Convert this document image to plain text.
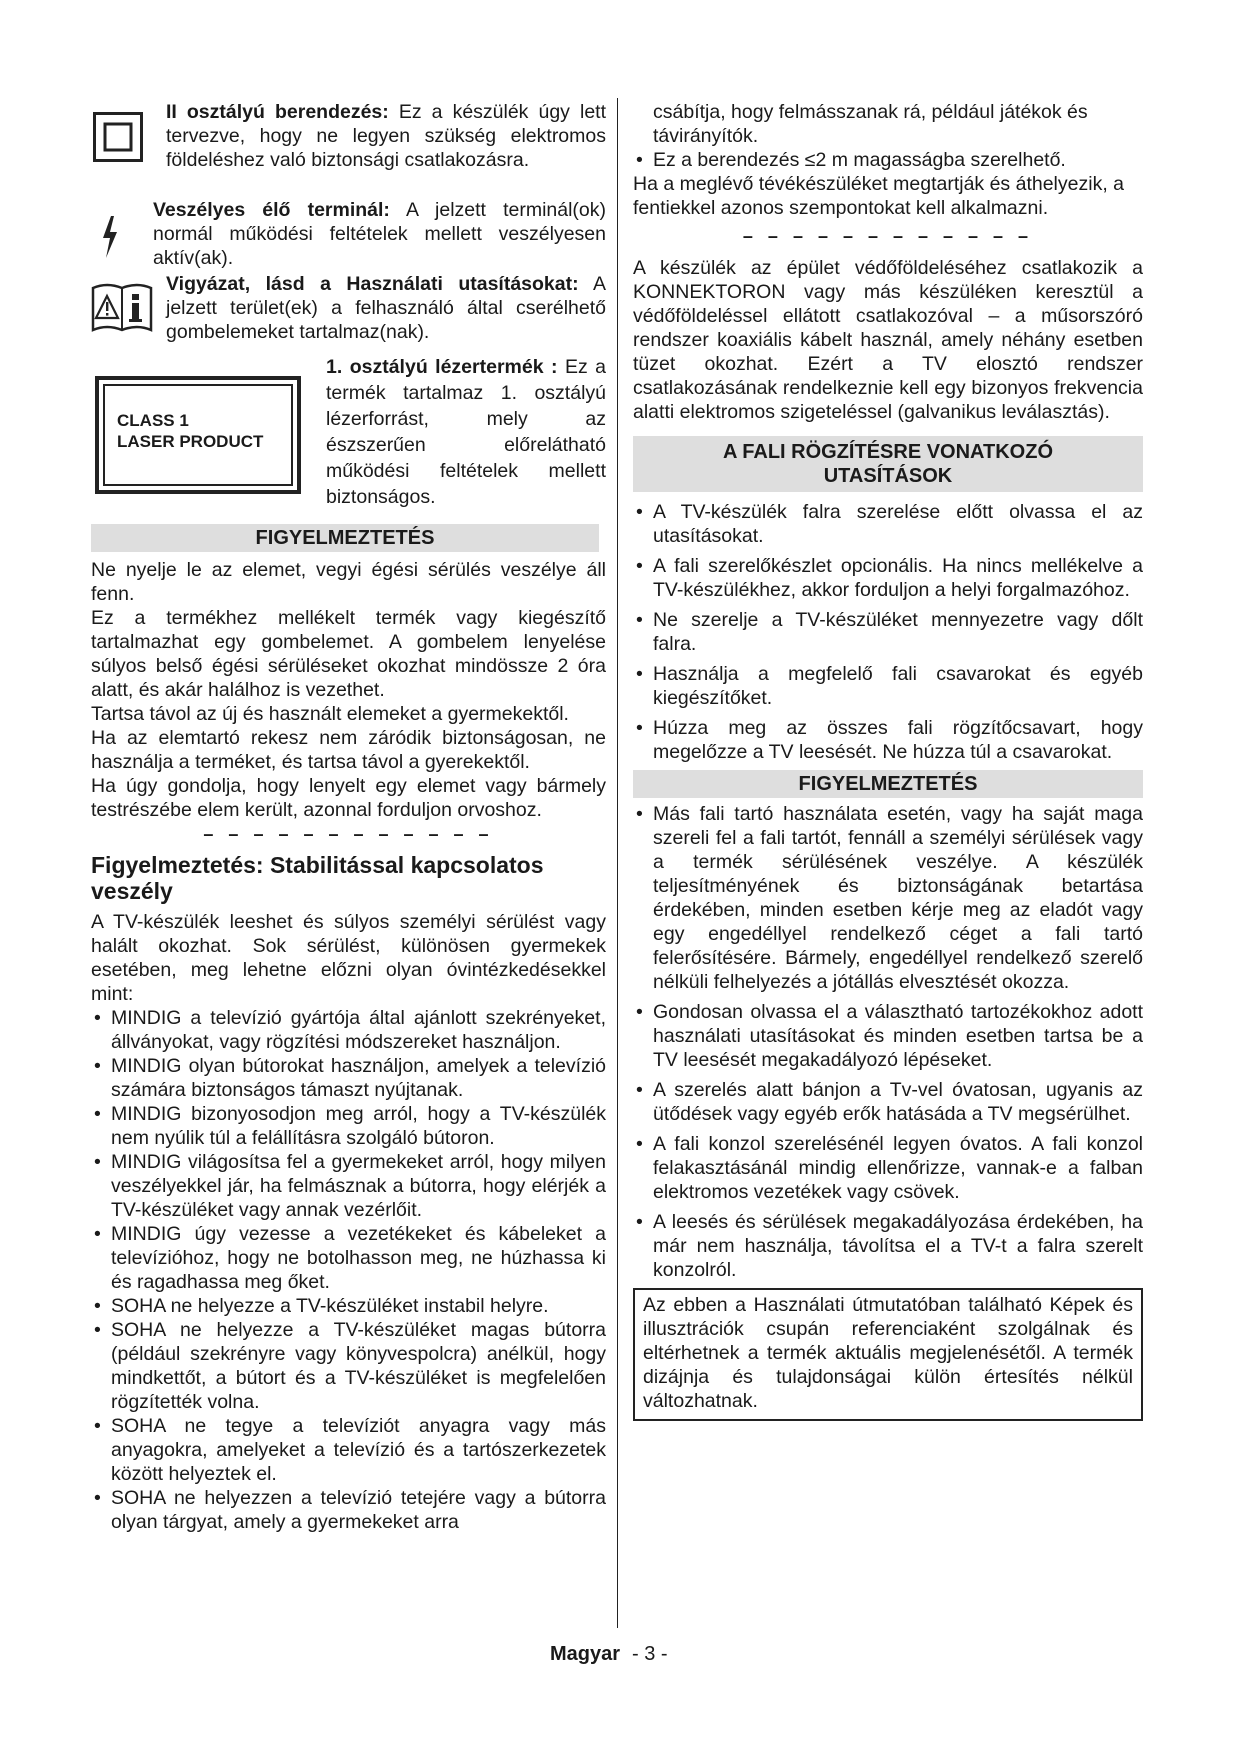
II osztályú berendezés: Ez a készülék úgy lett tervezve, hogy ne legyen szükség elektromos földeléshez való biztonsági csatlakozásra.

Veszélyes élő terminál: A jelzett terminál(ok) normál működési feltételek mellett veszélyesen aktív(ak).

Vigyázat, lásd a Használati utasításokat: A jelzett terület(ek) a felhasználó által cserélhető gombelemeket tartalmaz(nak).

CLASS 1
LASER PRODUCT

1. osztályú lézertermék : Ez a termék tartalmaz 1. osztályú lézerforrást, mely az észszerűen előrelátható működési feltételek mellett biztonságos.

FIGYELMEZTETÉS

Ne nyelje le az elemet, vegyi égési sérülés veszélye áll fenn.

Ez a termékhez mellékelt termék vagy kiegészítő tartalmazhat egy gombelemet. A gombelem lenyelése súlyos belső égési sérüléseket okozhat mindössze 2 óra alatt, és akár halálhoz is vezethet.

Tartsa távol az új és használt elemeket a gyermekektől.

Ha az elemtartó rekesz nem záródik biztonságosan, ne használja a terméket, és tartsa távol a gyerekektől.

Ha úgy gondolja, hogy lenyelt egy elemet vagy bármely testrészébe elem került, azonnal forduljon orvoshoz.

– – – – – – – – – – – –
Figyelmeztetés: Stabilitással kapcsolatos veszély

A TV-készülék leeshet és súlyos személyi sérülést vagy halált okozhat. Sok sérülést, különösen gyermekek esetében, meg lehetne előzni olyan óvintézkedésekkel mint:

• MINDIG a televízió gyártója által ajánlott szekrényeket, állványokat, vagy rögzítési módszereket használjon.
• MINDIG olyan bútorokat használjon, amelyek a televízió számára biztonságos támaszt nyújtanak.
• MINDIG bizonyosodjon meg arról, hogy a TV-készülék nem nyúlik túl a felállításra szolgáló bútoron.
• MINDIG világosítsa fel a gyermekeket arról, hogy milyen veszélyekkel jár, ha felmásznak a bútorra, hogy elérjék a TV-készüléket vagy annak vezérlőit.
• MINDIG úgy vezesse a vezetékeket és kábeleket a televízióhoz, hogy ne botolhasson meg, ne húzhassa ki és ragadhassa meg őket.
• SOHA ne helyezze a TV-készüléket instabil helyre.
• SOHA ne helyezze a TV-készüléket magas bútorra (például szekrényre vagy könyvespolcra) anélkül, hogy mindkettőt, a bútort és a TV-készüléket is megfelelően rögzítették volna.
• SOHA ne tegye a televíziót anyagra vagy más anyagokra, amelyeket a televízió és a tartószerkezetek között helyeztek el.
• SOHA ne helyezzen a televízió tetejére vagy a bútorra olyan tárgyat, amely a gyermekeket arra

csábítja, hogy felmásszanak rá, például játékok és távirányítók.

• Ez a berendezés ≤2 m magasságba szerelhető.

Ha a meglévő tévékészüléket megtartják és áthelyezik, a fentiekkel azonos szempontokat kell alkalmazni.

– – – – – – – – – – – –

A készülék az épület védőföldeléséhez csatlakozik a KONNEKTORON vagy más készüléken keresztül a védőföldeléssel ellátott csatlakozóval – a műsorszóró rendszer koaxiális kábelt használ, amely néhány esetben tüzet okozhat. Ezért a TV elosztó rendszer csatlakozásának rendelkeznie kell egy bizonyos frekvencia alatti elektromos szigeteléssel (galvanikus leválasztás).

A FALI RÖGZÍTÉSRE VONATKOZÓ
UTASÍTÁSOK
• A TV-készülék falra szerelése előtt olvassa el az utasításokat.
• A fali szerelőkészlet opcionális. Ha nincs mellékelve a TV-készülékhez, akkor forduljon a helyi forgalmazóhoz.
• Ne szerelje a TV-készüléket mennyezetre vagy dőlt falra.
• Használja a megfelelő fali csavarokat és egyéb kiegészítőket.
• Húzza meg az összes fali rögzítőcsavart, hogy megelőzze a TV leesését. Ne húzza túl a csavarokat.
FIGYELMEZTETÉS
• Más fali tartó használata esetén, vagy ha saját maga szereli fel a fali tartót, fennáll a személyi sérülések vagy a termék sérülésének veszélye. A készülék teljesítményének és biztonságának betartása érdekében, minden esetben kérje meg az eladót vagy egy engedéllyel rendelkező céget a fali tartó felerősítésére. Bármely, engedéllyel rendelkező szerelő nélküli felhelyezés a jótállás elvesztését okozza.
• Gondosan olvassa el a választható tartozékokhoz adott használati utasításokat és minden esetben tartsa be a TV leesését megakadályozó lépéseket.
• A szerelés alatt bánjon a Tv-vel óvatosan, ugyanis az ütődések vagy egyéb erők hatásáda a TV megsérülhet.
• A fali konzol szerelésénél legyen óvatos. A fali konzol felakasztásánál mindig ellenőrizze, vannak-e a falban elektromos vezetékek vagy csövek.
• A leesés és sérülések megakadályozása érdekében, ha már nem használja, távolítsa el a TV-t a falra szerelt konzolról.

Az ebben a Használati útmutatóban található Képek és illusztrációk csupán referenciaként szolgálnak és eltérhetnek a termék aktuális megjelenésétől. A termék dizájnja és tulajdonságai külön értesítés nélkül változhatnak.

Magyar - 3 -
